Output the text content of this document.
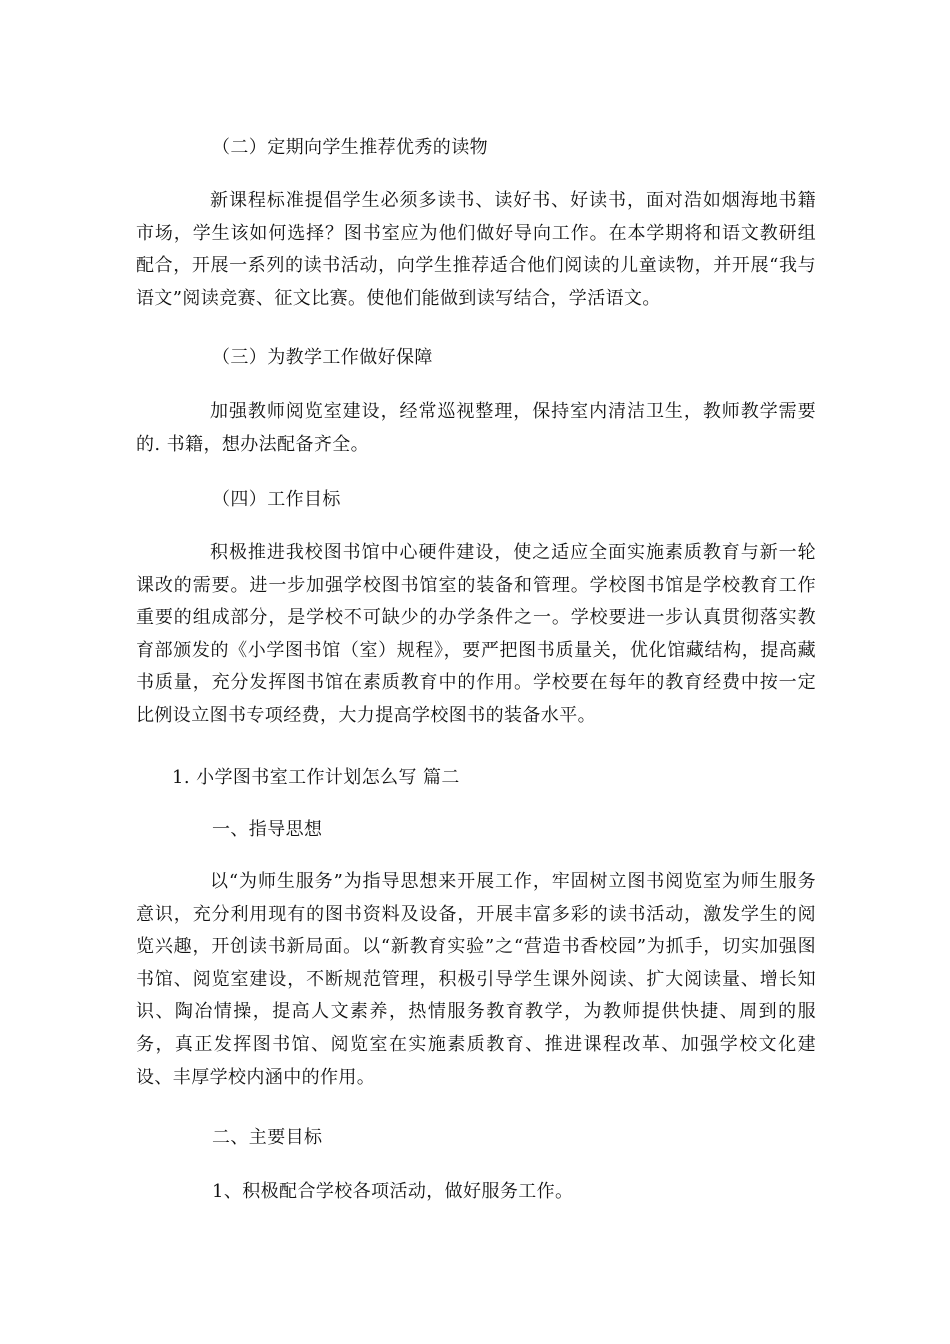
（二）定期向学生推荐优秀的读物

新课程标准提倡学生必须多读书、读好书、好读书，面对浩如烟海地书籍市场，学生该如何选择？图书室应为他们做好导向工作。在本学期将和语文教研组配合，开展一系列的读书活动，向学生推荐适合他们阅读的儿童读物，并开展“我与语文”阅读竞赛、征文比赛。使他们能做到读写结合，学活语文。

（三）为教学工作做好保障

加强教师阅览室建设，经常巡视整理，保持室内清洁卫生，教师教学需要的. 书籍，想办法配备齐全。

（四）工作目标

积极推进我校图书馆中心硬件建设，使之适应全面实施素质教育与新一轮课改的需要。进一步加强学校图书馆室的装备和管理。学校图书馆是学校教育工作重要的组成部分，是学校不可缺少的办学条件之一。学校要进一步认真贯彻落实教育部颁发的《小学图书馆（室）规程》，要严把图书质量关，优化馆藏结构，提高藏书质量，充分发挥图书馆在素质教育中的作用。学校要在每年的教育经费中按一定比例设立图书专项经费，大力提高学校图书的装备水平。

1. 小学图书室工作计划怎么写 篇二

一、指导思想

以“为师生服务”为指导思想来开展工作，牢固树立图书阅览室为师生服务意识，充分利用现有的图书资料及设备，开展丰富多彩的读书活动，激发学生的阅览兴趣，开创读书新局面。以“新教育实验”之“营造书香校园”为抓手，切实加强图书馆、阅览室建设，不断规范管理，积极引导学生课外阅读、扩大阅读量、增长知识、陶冶情操，提高人文素养，热情服务教育教学，为教师提供快捷、周到的服务，真正发挥图书馆、阅览室在实施素质教育、推进课程改革、加强学校文化建设、丰厚学校内涵中的作用。

二、主要目标

1、积极配合学校各项活动，做好服务工作。
